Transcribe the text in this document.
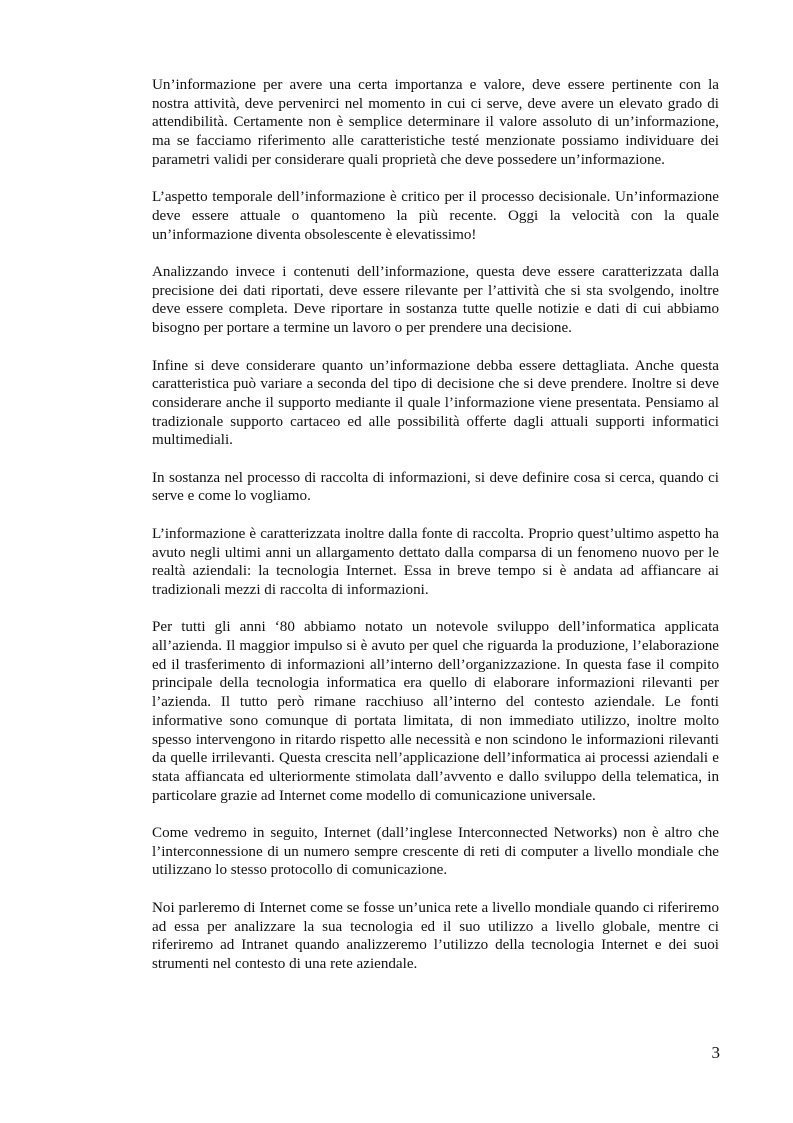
Un’informazione per avere una certa importanza e valore, deve essere pertinente con la nostra attività, deve pervenirci nel momento in cui ci serve, deve avere un elevato grado di attendibilità. Certamente non è semplice determinare il valore assoluto di un’informazione, ma se facciamo riferimento alle caratteristiche testé menzionate possiamo individuare dei parametri validi per considerare quali proprietà che deve possedere un’informazione.

L’aspetto temporale dell’informazione è critico per il processo decisionale. Un’informazione deve essere attuale o quantomeno la più recente. Oggi la velocità con la quale un’informazione diventa obsolescente è elevatissimo!

Analizzando invece i contenuti dell’informazione, questa deve essere caratterizzata dalla precisione dei dati riportati, deve essere rilevante per l’attività che si sta svolgendo, inoltre deve essere completa. Deve riportare in sostanza tutte quelle notizie e dati di cui abbiamo bisogno per portare a termine un lavoro o per prendere una decisione.

Infine si deve considerare quanto un’informazione debba essere dettagliata. Anche questa caratteristica può variare a seconda del tipo di decisione che si deve prendere. Inoltre si deve considerare anche il supporto mediante il quale l’informazione viene presentata. Pensiamo al tradizionale supporto cartaceo ed alle possibilità offerte dagli attuali supporti informatici multimediali.

In sostanza nel processo di raccolta di informazioni, si deve definire cosa si cerca, quando ci serve e come lo vogliamo.

L’informazione è caratterizzata inoltre dalla fonte di raccolta. Proprio quest’ultimo aspetto ha avuto negli ultimi anni un allargamento dettato dalla comparsa di un fenomeno nuovo per le realtà aziendali: la tecnologia Internet. Essa in breve tempo si è andata ad affiancare ai tradizionali mezzi di raccolta di informazioni.

Per tutti gli anni ‘80 abbiamo notato un notevole sviluppo dell’informatica applicata all’azienda. Il maggior impulso si è avuto per quel che riguarda la produzione, l’elaborazione ed il trasferimento di informazioni all’interno dell’organizzazione. In questa fase il compito principale della tecnologia informatica era quello di elaborare informazioni rilevanti per l’azienda. Il tutto però rimane racchiuso all’interno del contesto aziendale. Le fonti informative sono comunque di portata limitata, di non immediato utilizzo, inoltre molto spesso intervengono in ritardo rispetto alle necessità e non scindono le informazioni rilevanti da quelle irrilevanti. Questa crescita nell’applicazione dell’informatica ai processi aziendali e stata affiancata ed ulteriormente stimolata dall’avvento e dallo sviluppo della telematica, in particolare grazie ad Internet come modello di comunicazione universale.

Come vedremo in seguito, Internet (dall’inglese Interconnected Networks) non è altro che l’interconnessione di un numero sempre crescente di reti di computer a livello mondiale che utilizzano lo stesso protocollo di comunicazione.

Noi parleremo di Internet come se fosse un’unica rete a livello mondiale quando ci riferiremo ad essa per analizzare la sua tecnologia ed il suo utilizzo a livello globale, mentre ci riferiremo ad Intranet quando analizzeremo l’utilizzo della tecnologia Internet e dei suoi strumenti nel contesto di una rete aziendale.

3
